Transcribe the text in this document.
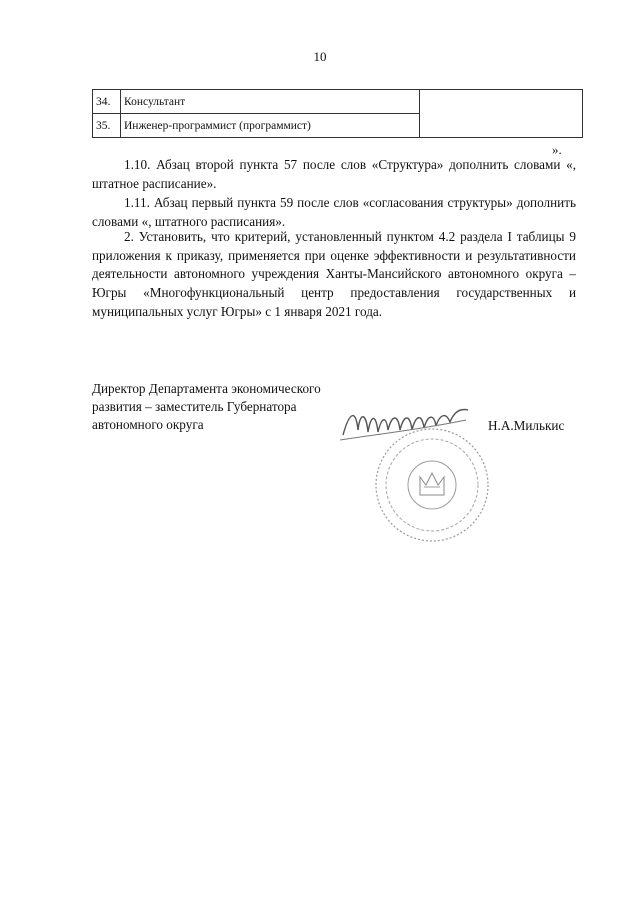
10
34.	Консультант	
35.	Инженер-программист (программист)	
».

1.10. Абзац второй пункта 57 после слов «Структура» дополнить словами «, штатное расписание».

1.11. Абзац первый пункта 59 после слов «согласования структуры» дополнить словами «, штатного расписания».

2. Установить, что критерий, установленный пунктом 4.2 раздела I таблицы 9 приложения к приказу, применяется при оценке эффективности и результативности деятельности автономного учреждения Ханты-Мансийского автономного округа – Югры «Многофункциональный центр предоставления государственных и муниципальных услуг Югры» с 1 января 2021 года.

Директор Департамента экономического
развития – заместитель Губернатора
автономного округа	Н.А.Милькис
